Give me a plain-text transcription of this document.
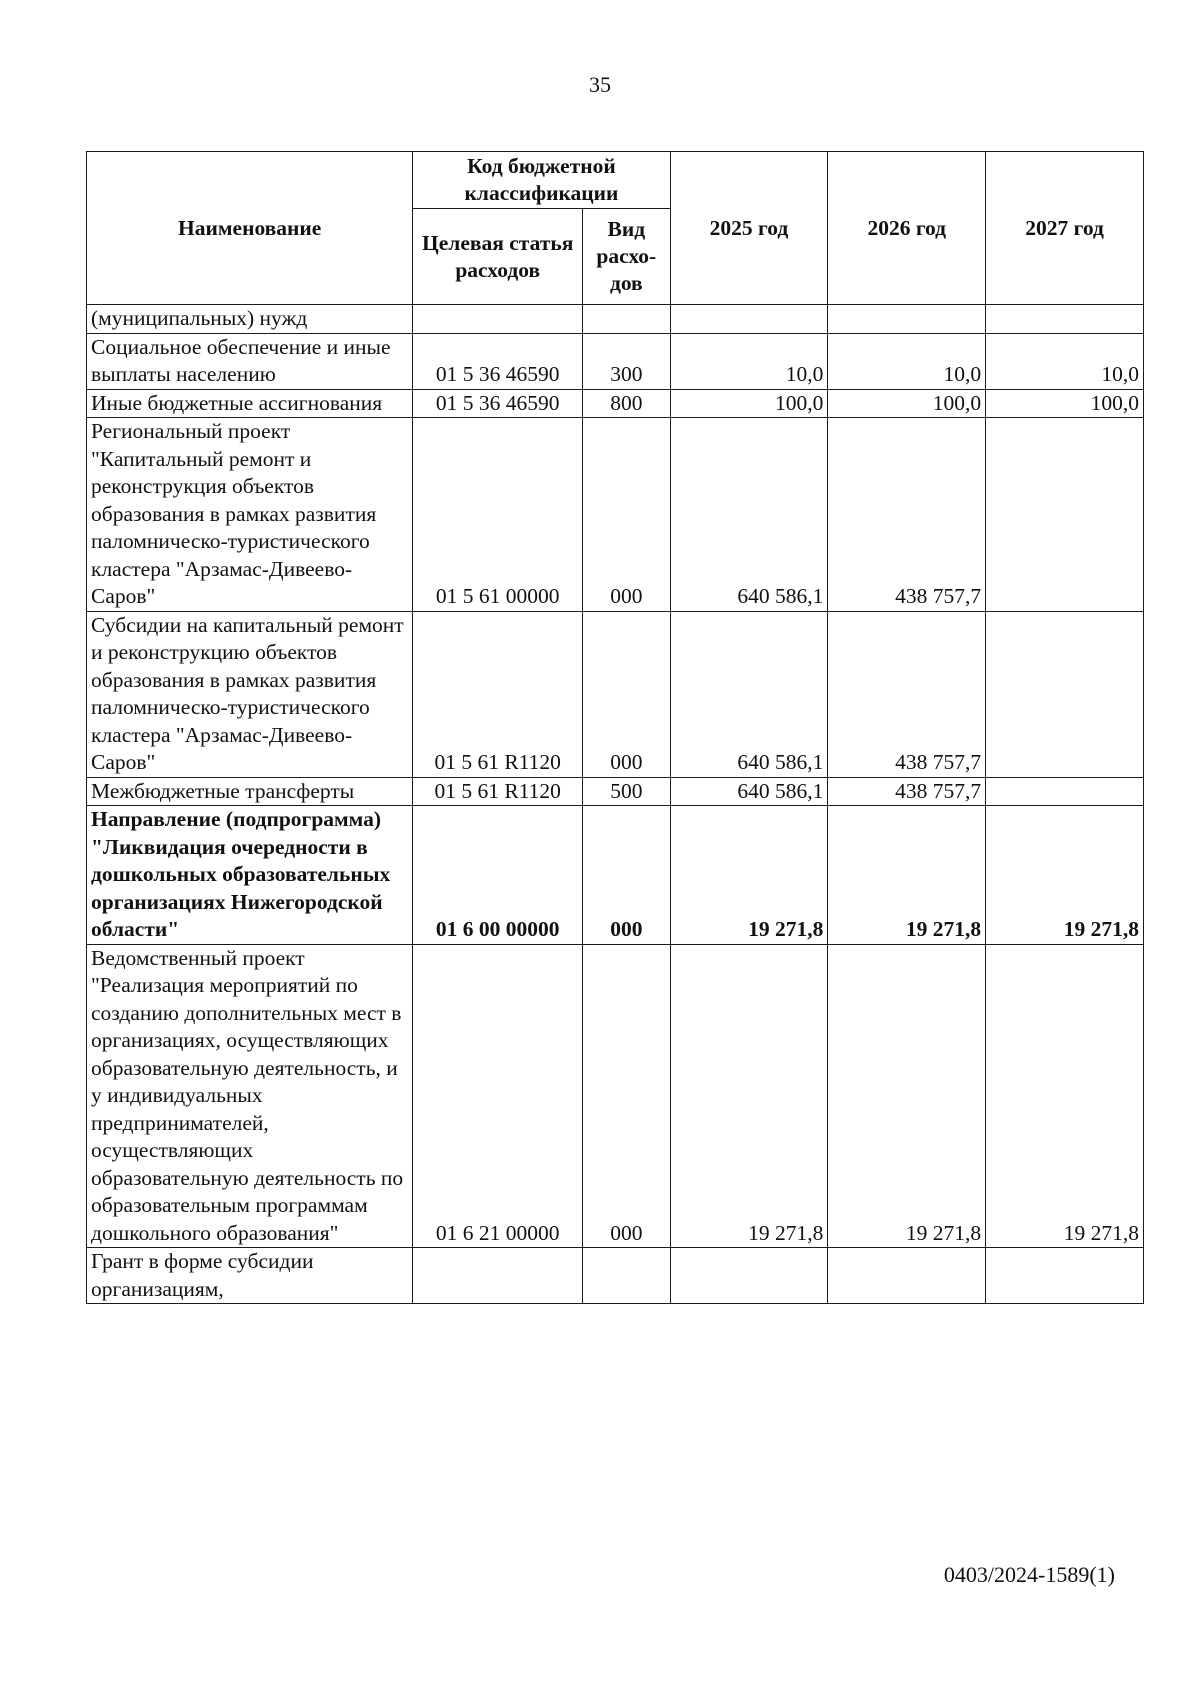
35
Наименование	Код бюджетной классификации		2025 год	2026 год	2027 год
	Целевая статья расходов	Вид расхо-дов			
(муниципальных) нужд					
Социальное обеспечение и иные выплаты населению	01 5 36 46590	300	10,0	10,0	10,0
Иные бюджетные ассигнования	01 5 36 46590	800	100,0	100,0	100,0
Региональный проект "Капитальный ремонт и реконструкция объектов образования в рамках развития паломническо-туристического кластера "Арзамас-Дивеево-Саров"	01 5 61 00000	000	640 586,1	438 757,7	
Субсидии на капитальный ремонт и реконструкцию объектов образования в рамках развития паломническо-туристического кластера "Арзамас-Дивеево-Саров"	01 5 61 R1120	000	640 586,1	438 757,7	
Межбюджетные трансферты	01 5 61 R1120	500	640 586,1	438 757,7	
Направление (подпрограмма) "Ликвидация очередности в дошкольных образовательных организациях Нижегородской области"	01 6 00 00000	000	19 271,8	19 271,8	19 271,8
Ведомственный проект "Реализация мероприятий по созданию дополнительных мест в организациях, осуществляющих образовательную деятельность, и у индивидуальных предпринимателей, осуществляющих образовательную деятельность по образовательным программам дошкольного образования"	01 6 21 00000	000	19 271,8	19 271,8	19 271,8
Грант в форме субсидии организациям,					
0403/2024-1589(1)
